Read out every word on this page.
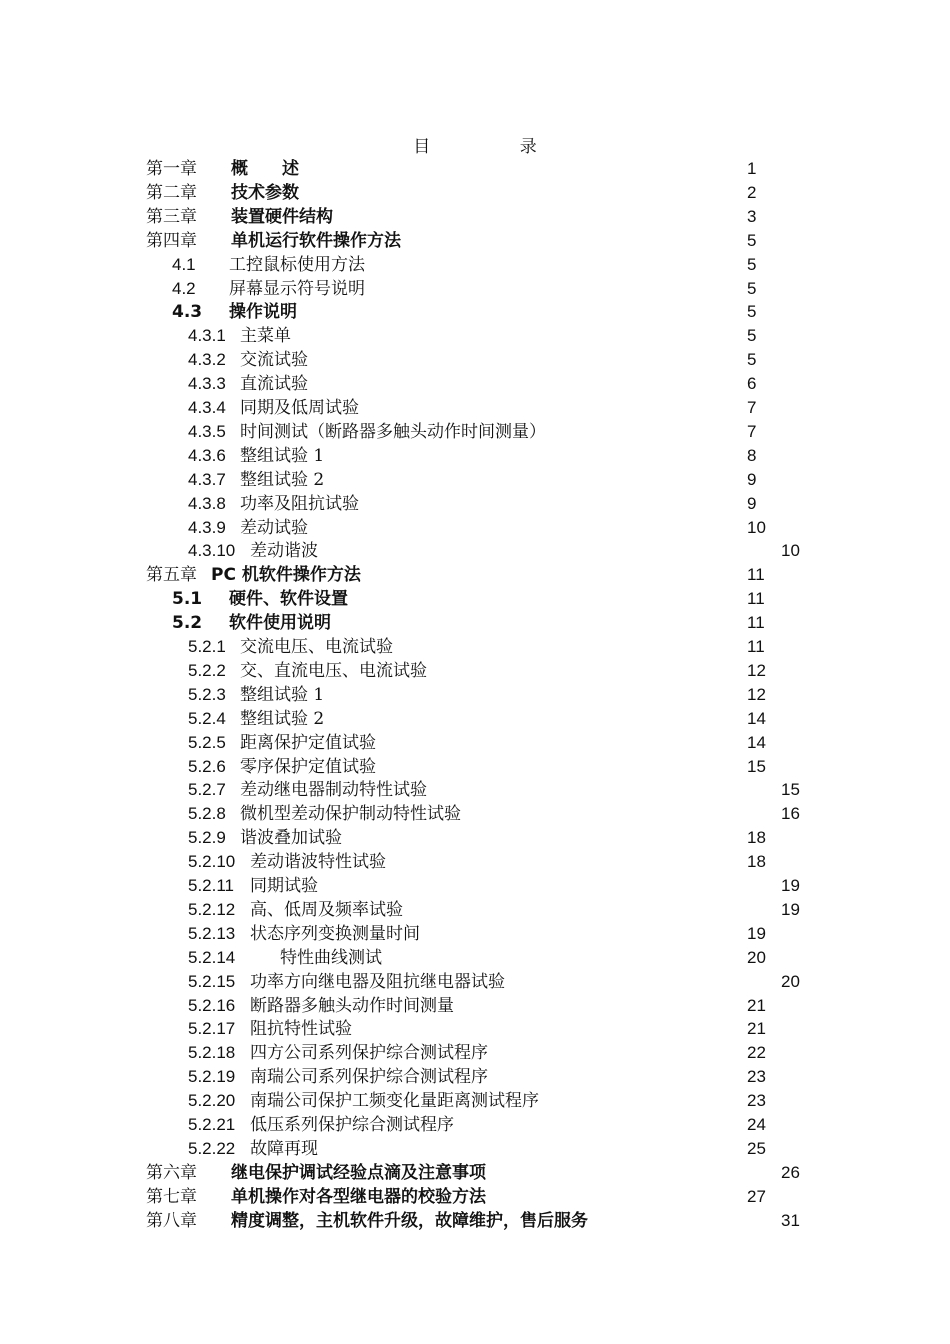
目 录
第一章 概　　述	1
第二章 技术参数	2
第三章 装置硬件结构	3
第四章 单机运行软件操作方法	5
4.1 工控鼠标使用方法	5
4.2 屏幕显示符号说明	5
4.3 操作说明	5
4.3.1 主菜单	5
4.3.2 交流试验	5
4.3.3 直流试验	6
4.3.4 同期及低周试验	7
4.3.5 时间测试（断路器多触头动作时间测量）	7
4.3.6 整组试验 1	8
4.3.7 整组试验 2	9
4.3.8 功率及阻抗试验	9
4.3.9 差动试验	10
4.3.10 差动谐波	10
第五章 PC 机软件操作方法	11
5.1 硬件、软件设置	11
5.2 软件使用说明	11
5.2.1 交流电压、电流试验	11
5.2.2 交、直流电压、电流试验	12
5.2.3 整组试验 1	12
5.2.4 整组试验 2	14
5.2.5 距离保护定值试验	14
5.2.6 零序保护定值试验	15
5.2.7 差动继电器制动特性试验	15
5.2.8 微机型差动保护制动特性试验	16
5.2.9 谐波叠加试验	18
5.2.10 差动谐波特性试验	18
5.2.11 同期试验	19
5.2.12 高、低周及频率试验	19
5.2.13 状态序列变换测量时间	19
5.2.14	特性曲线测试	20
5.2.15 功率方向继电器及阻抗继电器试验	20
5.2.16 断路器多触头动作时间测量	21
5.2.17 阻抗特性试验	21
5.2.18 四方公司系列保护综合测试程序	22
5.2.19 南瑞公司系列保护综合测试程序	23
5.2.20 南瑞公司保护工频变化量距离测试程序	23
5.2.21 低压系列保护综合测试程序	24
5.2.22 故障再现	25
第六章 继电保护调试经验点滴及注意事项	26
第七章 单机操作对各型继电器的校验方法	27
第八章 精度调整，主机软件升级，故障维护，售后服务	31
